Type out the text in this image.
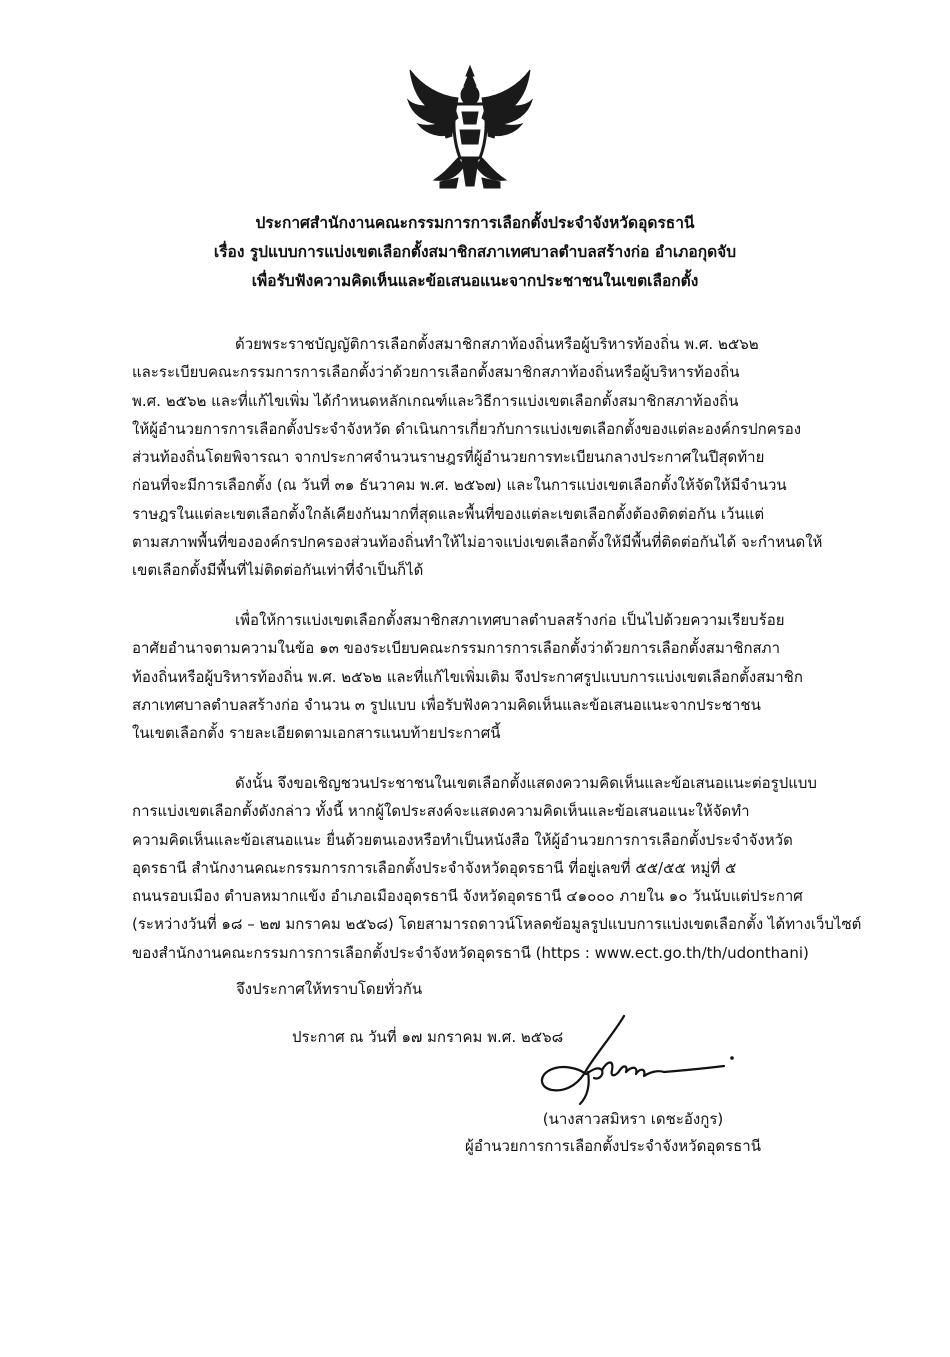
ประกาศสำนักงานคณะกรรมการการเลือกตั้งประจำจังหวัดอุดรธานี
เรื่อง รูปแบบการแบ่งเขตเลือกตั้งสมาชิกสภาเทศบาลตำบลสร้างก่อ อำเภอกุดจับ
เพื่อรับฟังความคิดเห็นและข้อเสนอแนะจากประชาชนในเขตเลือกตั้ง
ด้วยพระราชบัญญัติการเลือกตั้งสมาชิกสภาท้องถิ่นหรือผู้บริหารท้องถิ่น พ.ศ. ๒๕๖๒
และระเบียบคณะกรรมการการเลือกตั้งว่าด้วยการเลือกตั้งสมาชิกสภาท้องถิ่นหรือผู้บริหารท้องถิ่น
พ.ศ. ๒๕๖๒ และที่แก้ไขเพิ่ม ได้กำหนดหลักเกณฑ์และวิธีการแบ่งเขตเลือกตั้งสมาชิกสภาท้องถิ่น
ให้ผู้อำนวยการการเลือกตั้งประจำจังหวัด ดำเนินการเกี่ยวกับการแบ่งเขตเลือกตั้งของแต่ละองค์กรปกครอง
ส่วนท้องถิ่นโดยพิจารณา จากประกาศจำนวนราษฎรที่ผู้อำนวยการทะเบียนกลางประกาศในปีสุดท้าย
ก่อนที่จะมีการเลือกตั้ง (ณ วันที่ ๓๑ ธันวาคม พ.ศ. ๒๕๖๗) และในการแบ่งเขตเลือกตั้งให้จัดให้มีจำนวน
ราษฎรในแต่ละเขตเลือกตั้งใกล้เคียงกันมากที่สุดและพื้นที่ของแต่ละเขตเลือกตั้งต้องติดต่อกัน เว้นแต่
ตามสภาพพื้นที่ขององค์กรปกครองส่วนท้องถิ่นทำให้ไม่อาจแบ่งเขตเลือกตั้งให้มีพื้นที่ติดต่อกันได้ จะกำหนดให้
เขตเลือกตั้งมีพื้นที่ไม่ติดต่อกันเท่าที่จำเป็นก็ได้
เพื่อให้การแบ่งเขตเลือกตั้งสมาชิกสภาเทศบาลตำบลสร้างก่อ เป็นไปด้วยความเรียบร้อย
อาศัยอำนาจตามความในข้อ ๑๓ ของระเบียบคณะกรรมการการเลือกตั้งว่าด้วยการเลือกตั้งสมาชิกสภา
ท้องถิ่นหรือผู้บริหารท้องถิ่น พ.ศ. ๒๕๖๒ และที่แก้ไขเพิ่มเติม จึงประกาศรูปแบบการแบ่งเขตเลือกตั้งสมาชิก
สภาเทศบาลตำบลสร้างก่อ จำนวน ๓ รูปแบบ เพื่อรับฟังความคิดเห็นและข้อเสนอแนะจากประชาชน
ในเขตเลือกตั้ง รายละเอียดตามเอกสารแนบท้ายประกาศนี้
ดังนั้น จึงขอเชิญชวนประชาชนในเขตเลือกตั้งแสดงความคิดเห็นและข้อเสนอแนะต่อรูปแบบ
การแบ่งเขตเลือกตั้งดังกล่าว ทั้งนี้ หากผู้ใดประสงค์จะแสดงความคิดเห็นและข้อเสนอแนะให้จัดทำ
ความคิดเห็นและข้อเสนอแนะ ยื่นด้วยตนเองหรือทำเป็นหนังสือ ให้ผู้อำนวยการการเลือกตั้งประจำจังหวัด
อุดรธานี สำนักงานคณะกรรมการการเลือกตั้งประจำจังหวัดอุดรธานี ที่อยู่เลขที่ ๕๕/๕๕ หมู่ที่ ๕
ถนนรอบเมือง ตำบลหมากแข้ง อำเภอเมืองอุดรธานี จังหวัดอุดรธานี ๔๑๐๐๐ ภายใน ๑๐ วันนับแต่ประกาศ
(ระหว่างวันที่ ๑๘ – ๒๗ มกราคม ๒๕๖๘) โดยสามารถดาวน์โหลดข้อมูลรูปแบบการแบ่งเขตเลือกตั้ง ได้ทางเว็บไซต์
ของสำนักงานคณะกรรมการการเลือกตั้งประจำจังหวัดอุดรธานี (https : www.ect.go.th/th/udonthani)
จึงประกาศให้ทราบโดยทั่วกัน
ประกาศ ณ วันที่ ๑๗ มกราคม พ.ศ. ๒๕๖๘
(นางสาวสมิหรา เดชะอังกูร)
ผู้อำนวยการการเลือกตั้งประจำจังหวัดอุดรธานี
